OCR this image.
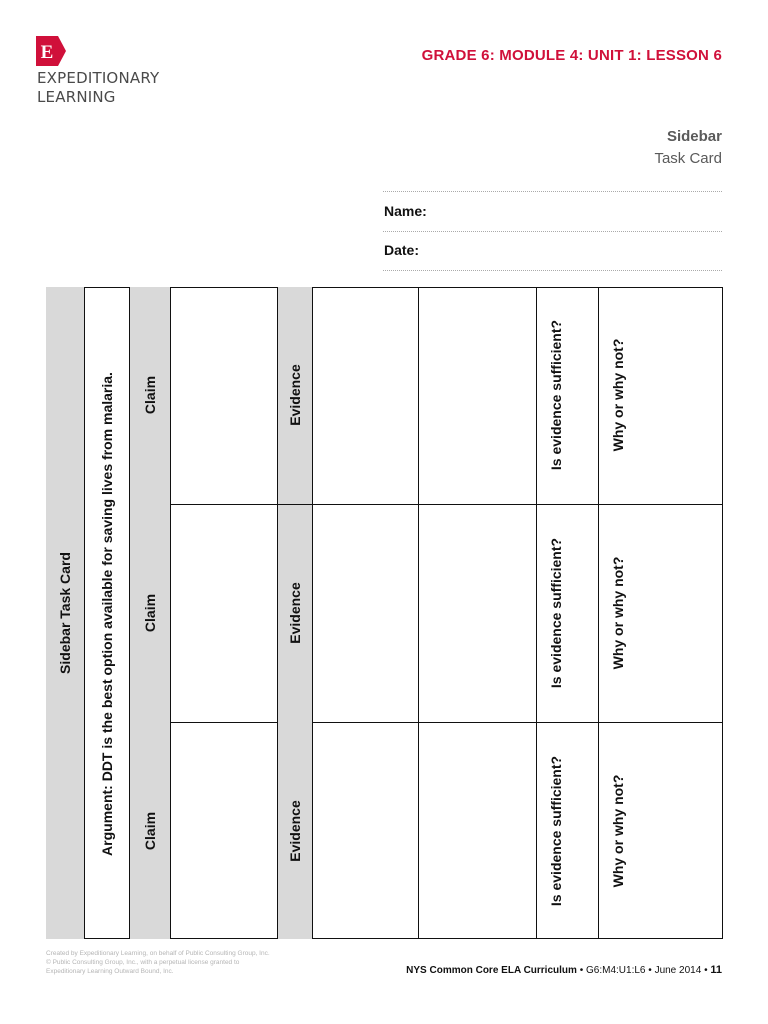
E
EXPEDITIONARY
LEARNING
GRADE 6: MODULE 4: UNIT 1: LESSON 6
Sidebar
Task Card
Name:
Date:
Sidebar Task Card Argument: DDT is the best option available for saving lives from malaria. Claim
Claim
Claim
Evidence
Evidence
Evidence
Is evidence sufficient?
Is evidence sufficient?
Is evidence sufficient?
Why or why not?
Why or why not?
Why or why not?
Created by Expeditionary Learning, on behalf of Public Consulting Group, Inc.
© Public Consulting Group, Inc., with a perpetual license granted to
Expeditionary Learning Outward Bound, Inc.	NYS Common Core ELA Curriculum • G6:M4:U1:L6 • June 2014 • 11
